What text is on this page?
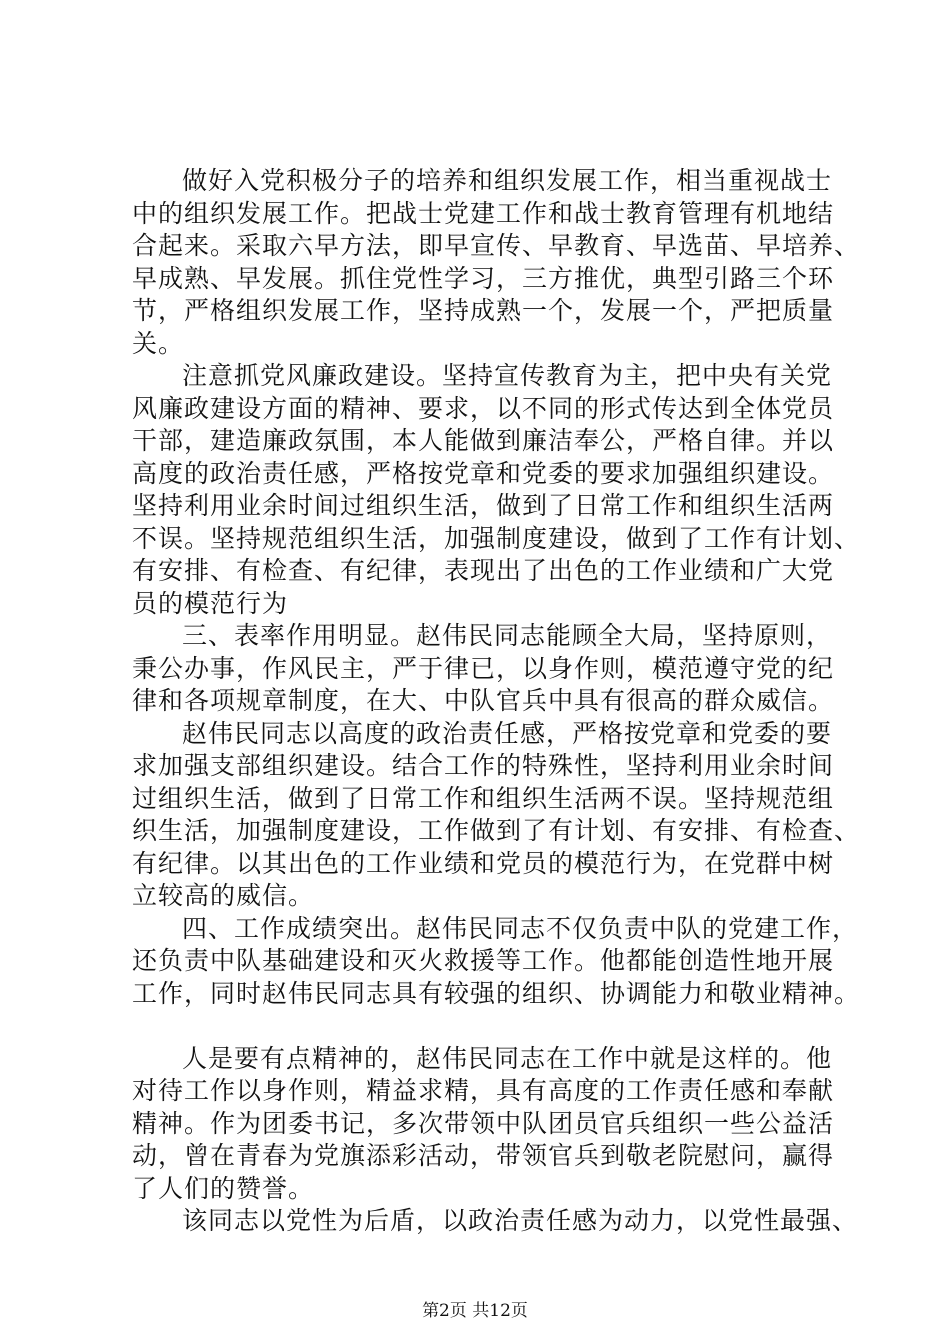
做好入党积极分子的培养和组织发展工作，相当重视战士
中的组织发展工作。把战士党建工作和战士教育管理有机地结
合起来。采取六早方法，即早宣传、早教育、早选苗、早培养、
早成熟、早发展。抓住党性学习，三方推优，典型引路三个环
节，严格组织发展工作，坚持成熟一个，发展一个，严把质量
关。
注意抓党风廉政建设。坚持宣传教育为主，把中央有关党
风廉政建设方面的精神、要求，以不同的形式传达到全体党员
干部，建造廉政氛围，本人能做到廉洁奉公，严格自律。并以
高度的政治责任感，严格按党章和党委的要求加强组织建设。
坚持利用业余时间过组织生活，做到了日常工作和组织生活两
不误。坚持规范组织生活，加强制度建设，做到了工作有计划、
有安排、有检查、有纪律，表现出了出色的工作业绩和广大党
员的模范行为
三、表率作用明显。赵伟民同志能顾全大局，坚持原则，
秉公办事，作风民主，严于律已，以身作则，模范遵守党的纪
律和各项规章制度，在大、中队官兵中具有很高的群众威信。
赵伟民同志以高度的政治责任感，严格按党章和党委的要
求加强支部组织建设。结合工作的特殊性，坚持利用业余时间
过组织生活，做到了日常工作和组织生活两不误。坚持规范组
织生活，加强制度建设，工作做到了有计划、有安排、有检查、
有纪律。以其出色的工作业绩和党员的模范行为，在党群中树
立较高的威信。
四、工作成绩突出。赵伟民同志不仅负责中队的党建工作，
还负责中队基础建设和灭火救援等工作。他都能创造性地开展
工作，同时赵伟民同志具有较强的组织、协调能力和敬业精神。
人是要有点精神的，赵伟民同志在工作中就是这样的。他
对待工作以身作则，精益求精，具有高度的工作责任感和奉献
精神。作为团委书记，多次带领中队团员官兵组织一些公益活
动，曾在青春为党旗添彩活动，带领官兵到敬老院慰问，赢得
了人们的赞誉。
该同志以党性为后盾，以政治责任感为动力，以党性最强、
第2页 共12页
